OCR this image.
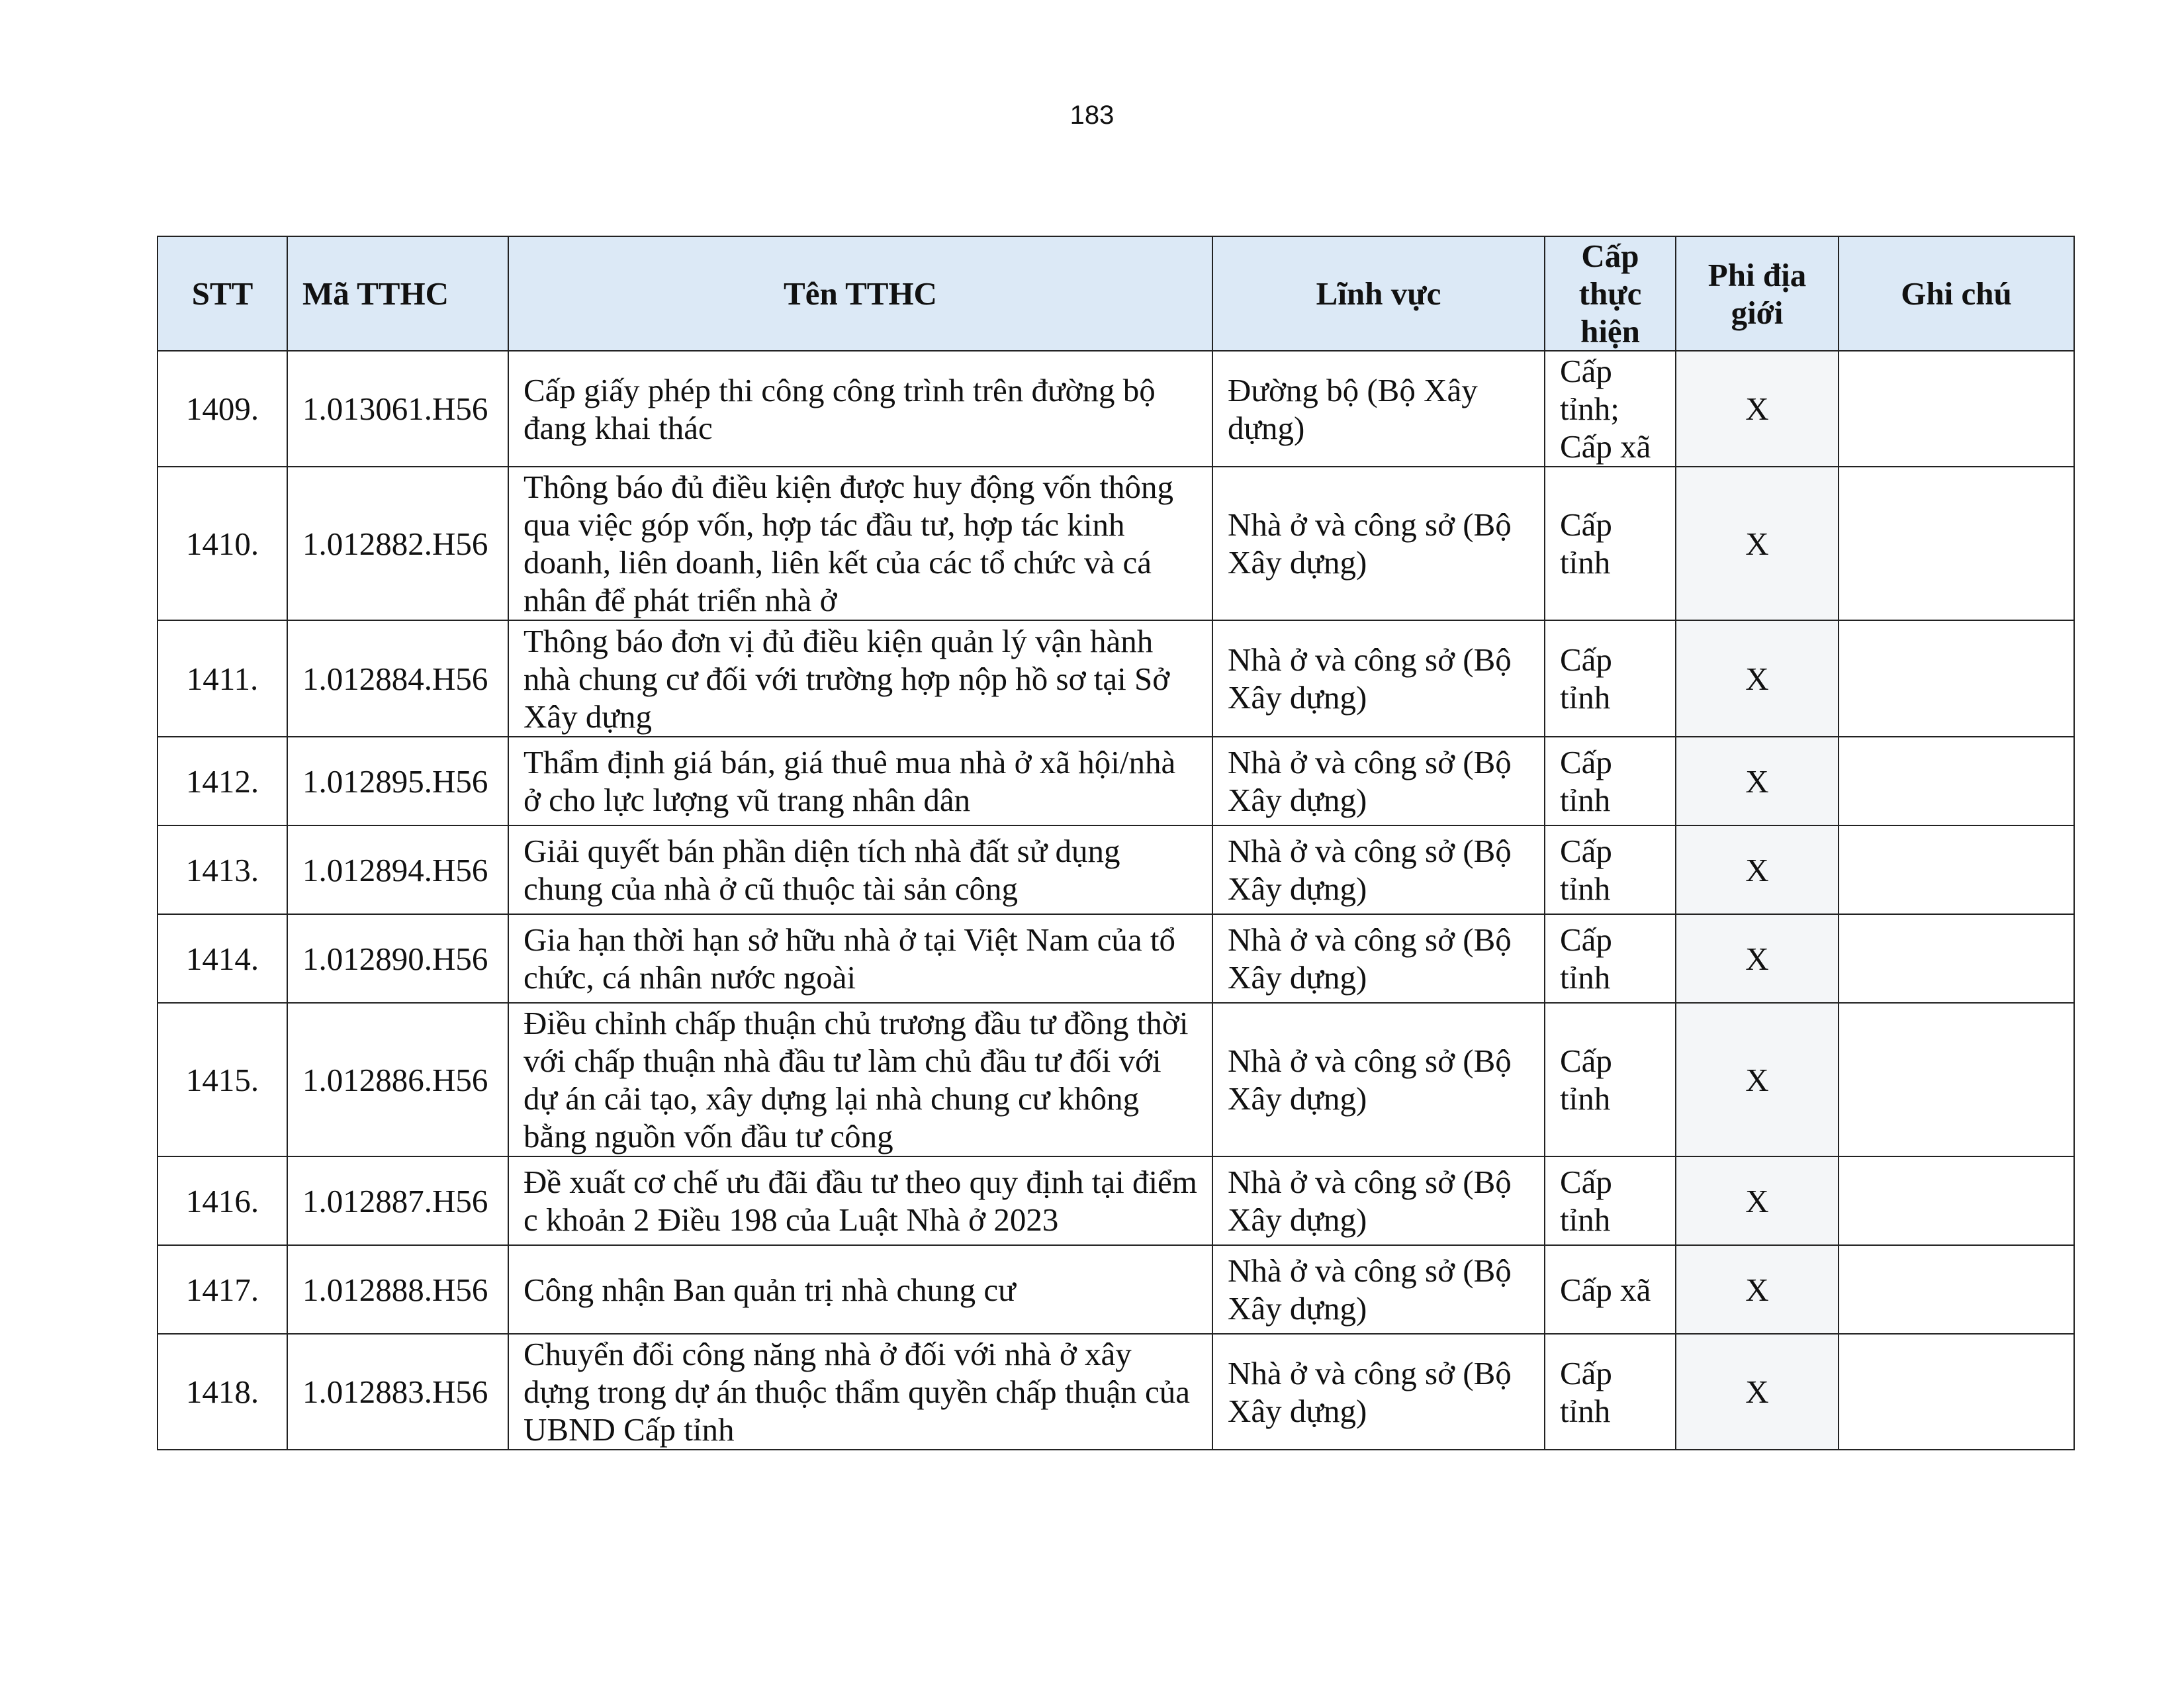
183
STT	Mã TTHC	Tên TTHC	Lĩnh vực	Cấp thực hiện	Phi địa giới	Ghi chú
1409.	1.013061.H56	Cấp giấy phép thi công công trình trên đường bộ đang khai thác	Đường bộ (Bộ Xây dựng)	Cấp tỉnh; Cấp xã	X	
1410.	1.012882.H56	Thông báo đủ điều kiện được huy động vốn thông qua việc góp vốn, hợp tác đầu tư, hợp tác kinh doanh, liên doanh, liên kết của các tổ chức và cá nhân để phát triển nhà ở	Nhà ở và công sở (Bộ Xây dựng)	Cấp tỉnh	X	
1411.	1.012884.H56	Thông báo đơn vị đủ điều kiện quản lý vận hành nhà chung cư đối với trường hợp nộp hồ sơ tại Sở Xây dựng	Nhà ở và công sở (Bộ Xây dựng)	Cấp tỉnh	X	
1412.	1.012895.H56	Thẩm định giá bán, giá thuê mua nhà ở xã hội/nhà ở cho lực lượng vũ trang nhân dân	Nhà ở và công sở (Bộ Xây dựng)	Cấp tỉnh	X	
1413.	1.012894.H56	Giải quyết bán phần diện tích nhà đất sử dụng chung của nhà ở cũ thuộc tài sản công	Nhà ở và công sở (Bộ Xây dựng)	Cấp tỉnh	X	
1414.	1.012890.H56	Gia hạn thời hạn sở hữu nhà ở tại Việt Nam của tổ chức, cá nhân nước ngoài	Nhà ở và công sở (Bộ Xây dựng)	Cấp tỉnh	X	
1415.	1.012886.H56	Điều chỉnh chấp thuận chủ trương đầu tư đồng thời với chấp thuận nhà đầu tư làm chủ đầu tư đối với dự án cải tạo, xây dựng lại nhà chung cư không bằng nguồn vốn đầu tư công	Nhà ở và công sở (Bộ Xây dựng)	Cấp tỉnh	X	
1416.	1.012887.H56	Đề xuất cơ chế ưu đãi đầu tư theo quy định tại điểm c khoản 2 Điều 198 của Luật Nhà ở 2023	Nhà ở và công sở (Bộ Xây dựng)	Cấp tỉnh	X	
1417.	1.012888.H56	Công nhận Ban quản trị nhà chung cư	Nhà ở và công sở (Bộ Xây dựng)	Cấp xã	X	
1418.	1.012883.H56	Chuyển đổi công năng nhà ở đối với nhà ở xây dựng trong dự án thuộc thẩm quyền chấp thuận của UBND Cấp tỉnh	Nhà ở và công sở (Bộ Xây dựng)	Cấp tỉnh	X	
